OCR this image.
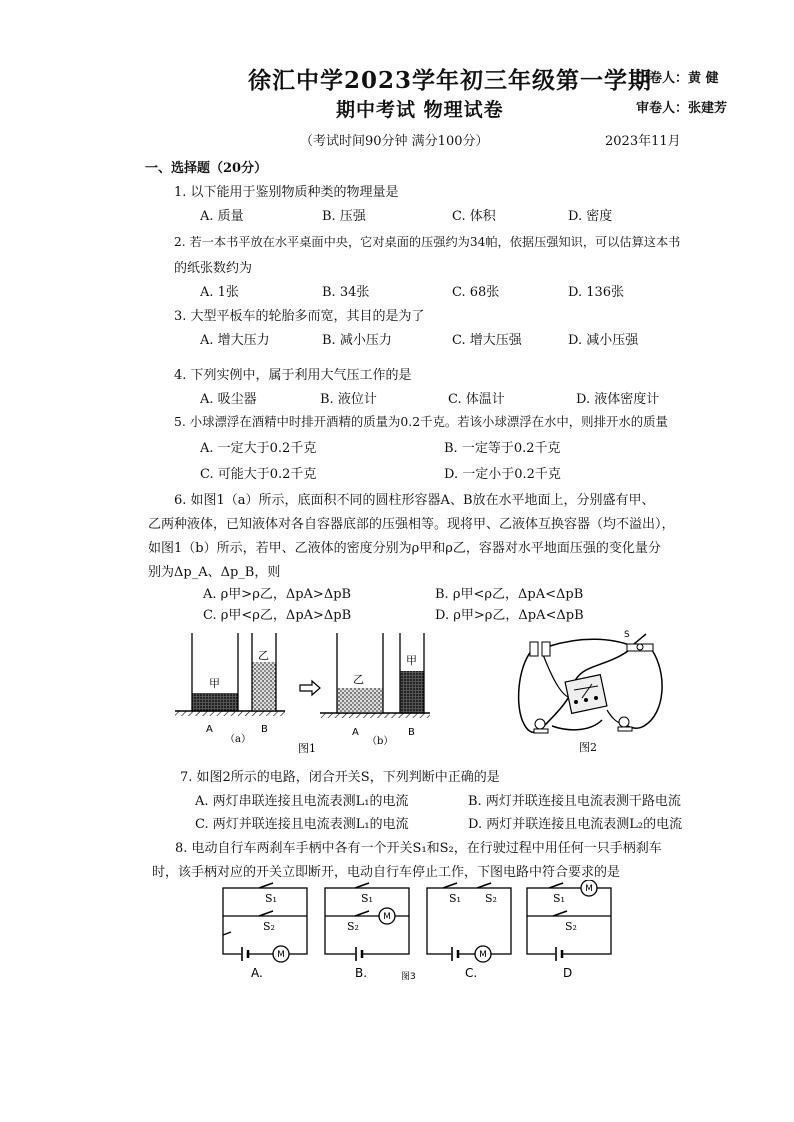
徐汇中学2023学年初三年级第一学期
出卷人：黄 健
期中考试 物理试卷	审卷人：张建芳
（考试时间90分钟 满分100分）	2023年11月
一、选择题（20分）
1. 以下能用于鉴别物质种类的物理量是
A. 质量	B. 压强	C. 体积	D. 密度
2. 若一本书平放在水平桌面中央，它对桌面的压强约为34帕，依据压强知识，可以估算这本书
的纸张数约为
A. 1张	B. 34张	C. 68张	D. 136张
3. 大型平板车的轮胎多而宽，其目的是为了
A. 增大压力	B. 减小压力	C. 增大压强	D. 减小压强
4. 下列实例中，属于利用大气压工作的是
A. 吸尘器	B. 液位计	C. 体温计	D. 液体密度计
5. 小球漂浮在酒精中时排开酒精的质量为0.2千克。若该小球漂浮在水中，则排开水的质量
A. 一定大于0.2千克	B. 一定等于0.2千克
C. 可能大于0.2千克	D. 一定小于0.2千克
6. 如图1（a）所示，底面积不同的圆柱形容器A、B放在水平地面上，分别盛有甲、
乙两种液体，已知液体对各自容器底部的压强相等。现将甲、乙液体互换容器（均不溢出），
如图1（b）所示，若甲、乙液体的密度分别为ρ甲和ρ乙，容器对水平地面压强的变化量分
别为Δp_A、Δp_B，则
A. ρ甲>ρ乙，ΔpA>ΔpB	B. ρ甲<ρ乙，ΔpA<ΔpB
C. ρ甲<ρ乙，ΔpA>ΔpB	D. ρ甲>ρ乙，ΔpA<ΔpB
甲
乙
乙
甲
A	B	A	B
（a）	（b）
图1
S
图2
7. 如图2所示的电路，闭合开关S，下列判断中正确的是
A. 两灯串联连接且电流表测L₁的电流	B. 两灯并联连接且电流表测干路电流
C. 两灯并联连接且电流表测L₁的电流	D. 两灯并联连接且电流表测L₂的电流
8. 电动自行车两刹车手柄中各有一个开关S₁和S₂，在行驶过程中用任何一只手柄刹车
时，该手柄对应的开关立即断开，电动自行车停止工作，下图电路中符合要求的是
M
M
M
M
S₁
S₂
S₁
S₂
S₁ S₂	S₁
S₂
A.	B.	C.	D
图3
